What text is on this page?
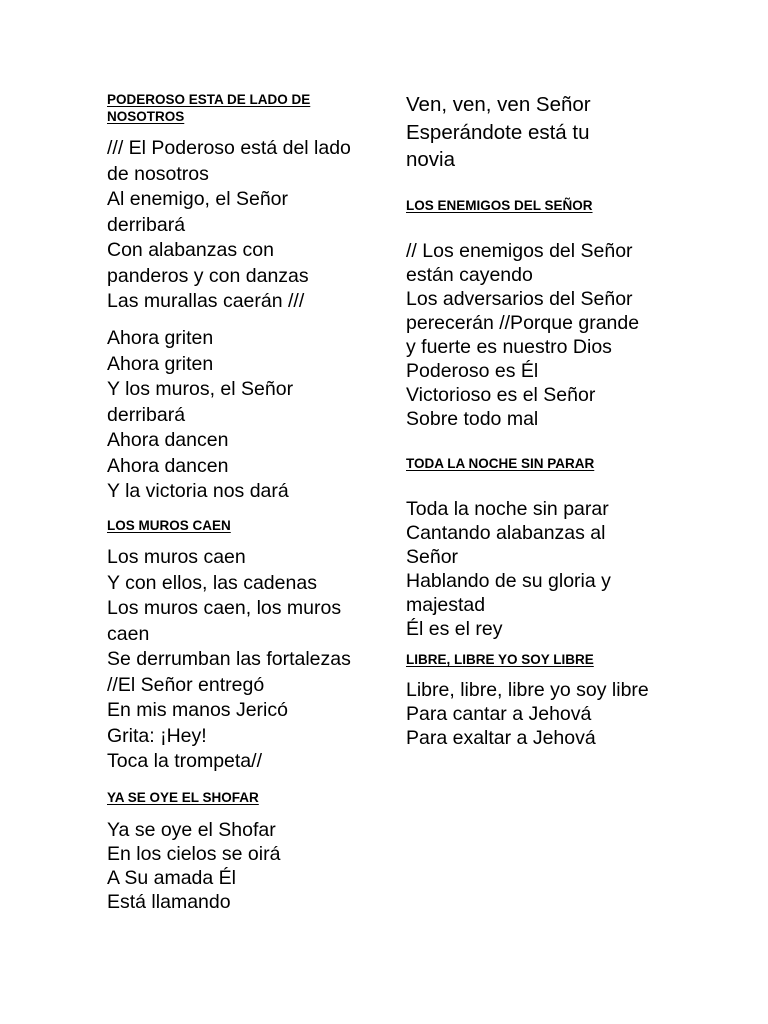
PODEROSO ESTA DE LADO DE
NOSOTROS
/// El Poderoso está del lado
de nosotros
Al enemigo, el Señor
derribará
Con alabanzas con
panderos y con danzas
Las murallas caerán ///
Ahora griten
Ahora griten
Y los muros, el Señor
derribará
Ahora dancen
Ahora dancen
Y la victoria nos dará
LOS MUROS CAEN
Los muros caen
Y con ellos, las cadenas
Los muros caen, los muros
caen
Se derrumban las fortalezas
//El Señor entregó
En mis manos Jericó
Grita: ¡Hey!
Toca la trompeta//
YA SE OYE EL SHOFAR
Ya se oye el Shofar
En los cielos se oirá
A Su amada Él
Está llamando
Ven, ven, ven Señor
Esperándote está tu
novia
LOS ENEMIGOS DEL SEÑOR
// Los enemigos del Señor
están cayendo
Los adversarios del Señor
perecerán //Porque grande
y fuerte es nuestro Dios
Poderoso es Él
Victorioso es el Señor
Sobre todo mal
TODA LA NOCHE SIN PARAR
Toda la noche sin parar
Cantando alabanzas al
Señor
Hablando de su gloria y
majestad
Él es el rey
LIBRE, LIBRE YO SOY LIBRE
Libre, libre, libre yo soy libre
Para cantar a Jehová
Para exaltar a Jehová
